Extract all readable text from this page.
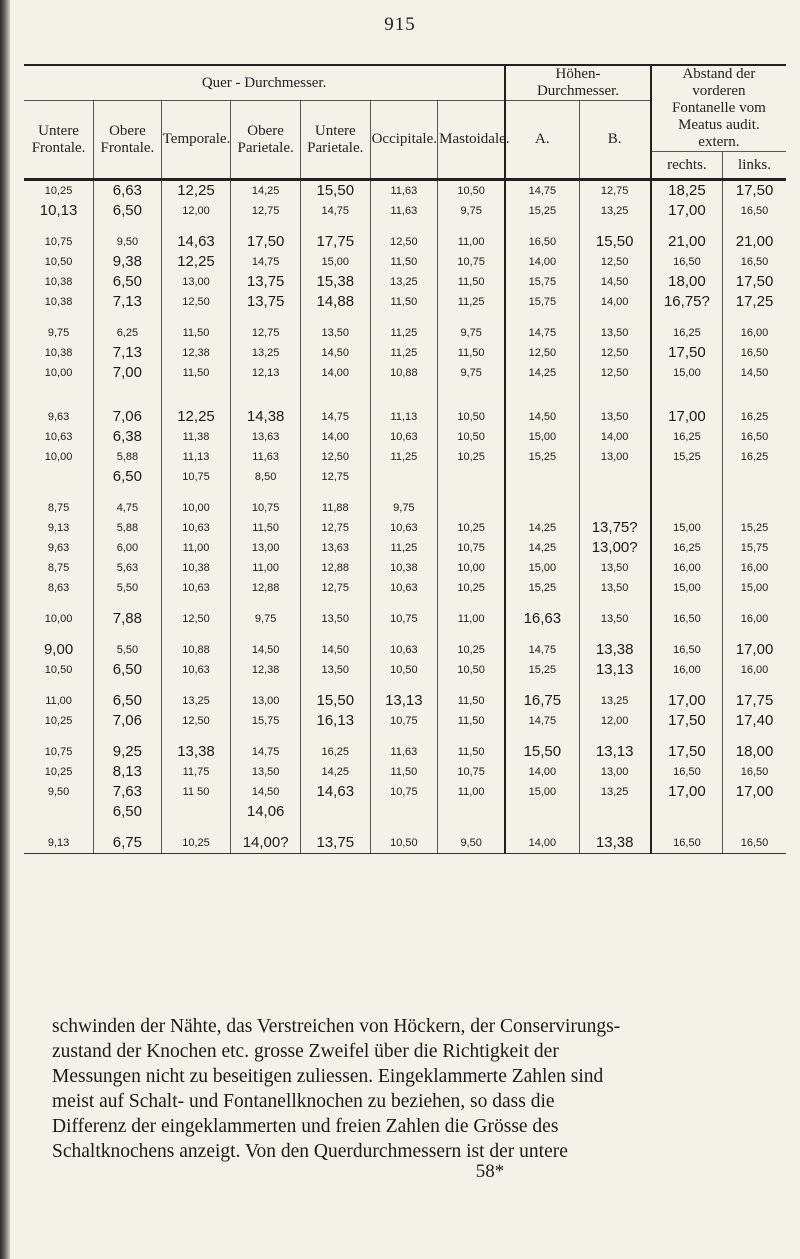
915
Quer - Durchmesser.							Höhen-Durchmesser.		Abstand der vorderen Fontanelle vom Meatus audit. extern.	
Untere Frontale.	Obere Frontale.	Temporale.	Obere Parietale.	Untere Parietale.	Occipitale.	Mastoidale.	A.	B.		
									rechts.	links.
10,25	6,63	12,25	14,25	15,50	11,63	10,50	14,75	12,75	18,25	17,50
10,13	6,50	12,00	12,75	14,75	11,63	9,75	15,25	13,25	17,00	16,50

10,75	9,50	14,63	17,50	17,75	12,50	11,00	16,50	15,50	21,00	21,00
10,50	9,38	12,25	14,75	15,00	11,50	10,75	14,00	12,50	16,50	16,50
10,38	6,50	13,00	13,75	15,38	13,25	11,50	15,75	14,50	18,00	17,50
10,38	7,13	12,50	13,75	14,88	11,50	11,25	15,75	14,00	16,75?	17,25

9,75	6,25	11,50	12,75	13,50	11,25	9,75	14,75	13,50	16,25	16,00
10,38	7,13	12,38	13,25	14,50	11,25	11,50	12,50	12,50	17,50	16,50
10,00	7,00	11,50	12,13	14,00	10,88	9,75	14,25	12,50	15,00	14,50

9,63	7,06	12,25	14,38	14,75	11,13	10,50	14,50	13,50	17,00	16,25
10,63	6,38	11,38	13,63	14,00	10,63	10,50	15,00	14,00	16,25	16,50
10,00	5,88	11,13	11,63	12,50	11,25	10,25	15,25	13,00	15,25	16,25
	6,50	10,75	8,50	12,75						

8,75	4,75	10,00	10,75	11,88	9,75					
9,13	5,88	10,63	11,50	12,75	10,63	10,25	14,25	13,75?	15,00	15,25
9,63	6,00	11,00	13,00	13,63	11,25	10,75	14,25	13,00?	16,25	15,75
8,75	5,63	10,38	11,00	12,88	10,38	10,00	15,00	13,50	16,00	16,00
8,63	5,50	10,63	12,88	12,75	10,63	10,25	15,25	13,50	15,00	15,00

10,00	7,88	12,50	9,75	13,50	10,75	11,00	16,63	13,50	16,50	16,00

9,00	5,50	10,88	14,50	14,50	10,63	10,25	14,75	13,38	16,50	17,00
10,50	6,50	10,63	12,38	13,50	10,50	10,50	15,25	13,13	16,00	16,00

11,00	6,50	13,25	13,00	15,50	13,13	11,50	16,75	13,25	17,00	17,75
10,25	7,06	12,50	15,75	16,13	10,75	11,50	14,75	12,00	17,50	17,40

10,75	9,25	13,38	14,75	16,25	11,63	11,50	15,50	13,13	17,50	18,00
10,25	8,13	11,75	13,50	14,25	11,50	10,75	14,00	13,00	16,50	16,50
9,50	7,63	11 50	14,50	14,63	10,75	11,00	15,00	13,25	17,00	17,00
	6,50		14,06							

9,13	6,75	10,25	14,00?	13,75	10,50	9,50	14,00	13,38	16,50	16,50
schwinden der Nähte, das Verstreichen von Höckern, der Conservirungs-
zustand der Knochen etc. grosse Zweifel über die Richtigkeit der
Messungen nicht zu beseitigen zuliessen. Eingeklammerte Zahlen sind
meist auf Schalt- und Fontanellknochen zu beziehen, so dass die
Differenz der eingeklammerten und freien Zahlen die Grösse des
Schaltknochens anzeigt. Von den Querdurchmessern ist der untere
58*
